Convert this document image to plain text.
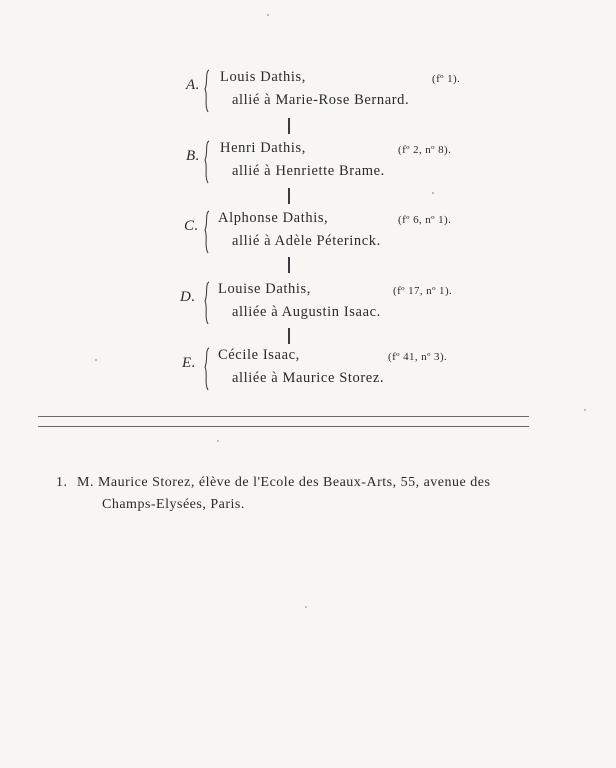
A. Louis Dathis,
allié à Marie-Rose Bernard.
(fº 1).
B. Henri Dathis,
allié à Henriette Brame.
(fº 2, nº 8).
C. Alphonse Dathis,
allié à Adèle Péterinck.
(fº 6, nº 1).
D. Louise Dathis,
alliée à Augustin Isaac.
(fº 17, nº 1).
E. Cécile Isaac,
alliée à Maurice Storez.
(fº 41, nº 3).
1. M. Maurice Storez, élève de l'Ecole des Beaux-Arts, 55, avenue des
Champs-Elysées, Paris.
